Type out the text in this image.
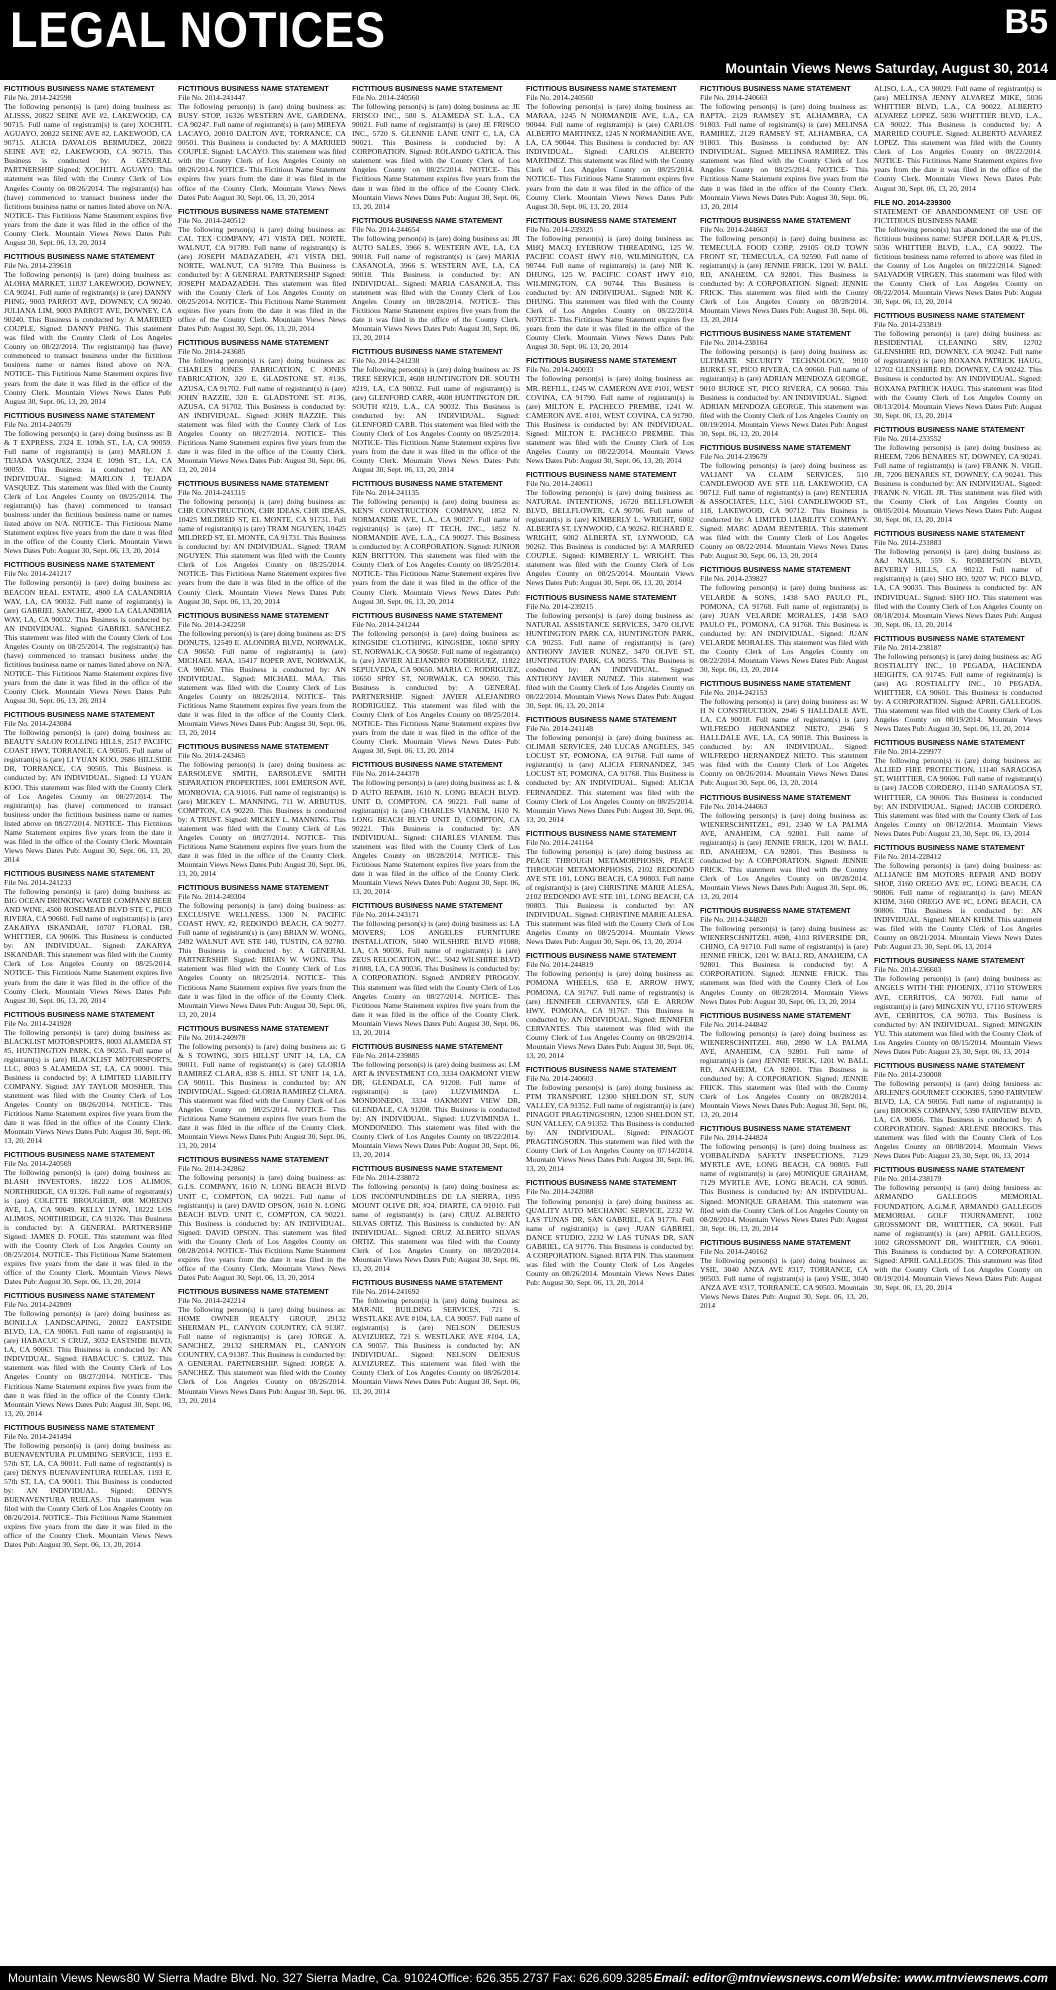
LEGAL NOTICES	B5
Mountain Views News Saturday, August 30, 2014
FICTITIOUS BUSINESS NAME STATEMENT
File No. 2014-242598
The following person(s) is (are) doing business as: ALISSS, 20822 SEINE AVE #2, LAKEWOOD, CA 90715. Full name of registrant(s) is (are) XOCHITL AGUAYO, 20822 SEINE AVE #2, LAKEWOOD, CA 90715. ALICIA DAVALOS BERMUDEZ, 20822 SEINE AVE #2, LAKEWOOD, CA 90715. This Business is conducted by: A GENERAL PARTNERSHIP Signed: XOCHITL AGUAYO. This statement was filed with the County Clerk of Los Angeles County on 08/26/2014. The registrant(s) has (have) commenced to transact business under the fictitious business name or names listed above on N/A. NOTICE- This Fictitious Name Statement expires five years from the date it was filed in the office of the County Clerk. Mountain Views News Dates Pub: August 30, Sept. 06, 13, 20, 2014
FICTITIOUS BUSINESS NAME STATEMENT
File No. 2014-239618
The following person(s) is (are) doing business as: ALOHA MARKET, 11837 LAKEWOOD, DOWNEY, CA 90241. Full name of registrant(s) is (are) DANNY PHNG, 9003 PARROT AVE, DOWNEY, CA 90240. JULIANA LIM, 9003 PARROT AVE, DOWNEY, CA 90240. This Business is conducted by: A MARRIED COUPLE. Signed: DANNY PHNG. This statement was filed with the County Clerk of Los Angeles County on 08/22/2014. The registrant(s) has (have) commenced to transact business under the fictitious business name or names listed above on N/A. NOTICE- This Fictitious Name Statement expires five years from the date it was filed in the office of the County Clerk. Mountain Views News Dates Pub: August 30, Sept. 06, 13, 20, 2014
FICTITIOUS BUSINESS NAME STATEMENT
File No. 2014-240579
The following person(s) is (are) doing business as: B & T EXPRESS, 2324 E. 109th ST., LA, CA 90059. Full name of registrant(s) is (are) MARLON J. TEJADA VASQUEZ, 2324 E. 109th ST., LA, CA 90059. This Business is conducted by: AN INDIVIDUAL. Signed: MARLON J. TEJADA VASQUEZ. This statement was filed with the County Clerk of Los Angeles County on 08/25/2014. The registrant(s) has (have) commenced to transact business under the fictitious business name or names listed above on N/A. NOTICE- This Fictitious Name Statement expires five years from the date it was filed in the office of the County Clerk. Mountain Views News Dates Pub: August 30, Sept. 06, 13, 20, 2014
FICTITIOUS BUSINESS NAME STATEMENT
File No. 2014-241217
The following person(s) is (are) doing business as: BEACON REAL ESTATE, 4900 LA CALANDRIA WAY, LA, CA 90032. Full name of registrant(s) is (are) GABRIEL SANCHEZ, 4900 LA CALANDRIA WAY, LA, CA 90032. This Business is conducted by: AN INDIVIDUAL. Signed: GABRIEL SANCHEZ. This statement was filed with the County Clerk of Los Angeles County on 08/25/2014. The registrant(s) has (have) commenced to transact business under the fictitious business name or names listed above on N/A. NOTICE- This Fictitious Name Statement expires five years from the date it was filed in the office of the County Clerk. Mountain Views News Dates Pub: August 30, Sept. 06, 13, 20, 2014
FICTITIOUS BUSINESS NAME STATEMENT
File No. 2014-243084
The following person(s) is (are) doing business as: BEAUTY SALON ROLLING HILLS, 2517 PACIFIC COAST HWY, TORRANCE, CA 90505. Full name of registrant(s) is (are) LI YUAN KOO, 2686 HILLSIDE DR, TORRANCE, CA 90505. This Business is conducted by: AN INDIVIDUAL. Signed: LI YUAN KOO. This statement was filed with the County Clerk of Los Angeles County on 08/27/2014. The registrant(s) has (have) commenced to transact business under the fictitious business name or names listed above on 08/27/2014. NOTICE- This Fictitious Name Statement expires five years from the date it was filed in the office of the County Clerk. Mountain Views News Dates Pub: August 30, Sept. 06, 13, 20, 2014
FICTITIOUS BUSINESS NAME STATEMENT
File No. 2014-241233
The following person(s) is (are) doing business as: BIG OCEAN DRINKING WATER COMPANY BEER AND WINE, 4500 ROSEMEAD BLVD STE C, PICO RIVERA, CA 90660. Full name of registrant(s) is (are) ZAKARYA ISKANDAR, 10707 FLORAL DR, WHITTIER, CA 90606. This Business is conducted by: AN INDIVIDUAL. Signed: ZAKARYA ISKANDAR. This statement was filed with the County Clerk of Los Angeles County on 08/25/2014. NOTICE- This Fictitious Name Statement expires five years from the date it was filed in the office of the County Clerk. Mountain Views News Dates Pub: August 30, Sept. 06, 13, 20, 2014
FICTITIOUS BUSINESS NAME STATEMENT
File No. 2014-241928
The following person(s) is (are) doing business as: BLACKLIST MOTORSPORTS, 8003 ALAMEDA ST #5, HUNTINGTON PARK, CA 90255. Full name of registrant(s) is (are) BLACKLIST MOTORSPORTS, LLC, 8003 S ALAMEDA ST, LA, CA 90001. This Business is conducted by: A LIMITED LIABILITY COMPANY. Signed: JAY TAYLOR MOSHER. This statement was filed with the County Clerk of Los Angeles County on 08/26/2014. NOTICE- This Fictitious Name Statement expires five years from the date it was filed in the office of the County Clerk. Mountain Views News Dates Pub: August 30, Sept. 06, 13, 20, 2014
FICTITIOUS BUSINESS NAME STATEMENT
File No. 2014-240569
The following person(s) is (are) doing business as: BLASH INVESTORS, 18222 LOS ALIMOS, NORTHRIDGE, CA 91326. Full name of registrant(s) is (are) COLETTE BROUGHER, 808 MORENO AVE, LA, CA 90049. KELLY LYNN, 18222 LOS ALIMOS, NORTHRIDGE, CA 91326. This Business is conducted by: A GENERAL PARTNERSHIP Signed: JAMES D. FOGE. This statement was filed with the County Clerk of Los Angeles County on 08/25/2014. NOTICE- This Fictitious Name Statement expires five years from the date it was filed in the office of the County Clerk. Mountain Views News Dates Pub: August 30, Sept. 06, 13, 20, 2014
FICTITIOUS BUSINESS NAME STATEMENT
File No. 2014-242809
The following person(s) is (are) doing business as: BONILLA LANDSCAPING, 20022 EASTSIDE BLVD, LA, CA 90063. Full name of registrant(s) is (are) HABACUC S CRUZ, 3032 EASTSIDE BLVD, LA, CA 90063. This Business is conducted by: AN INDIVIDUAL. Signed: HABACUC S. CRUZ. This statement was filed with the County Clerk of Los Angeles County on 08/27/2014. NOTICE- This Fictitious Name Statement expires five years from the date it was filed in the office of the County Clerk. Mountain Views News Dates Pub: August 30, Sept. 06, 13, 20, 2014
FICTITIOUS BUSINESS NAME STATEMENT
File No. 2014-241494
The following person(s) is (are) doing business as: BUENAVENTURA PLUMBING SERVICE, 1193 E. 57th ST, LA, CA 90011. Full name of registrant(s) is (are) DENYS BUENAVENTURA RUELAS, 1193 E. 57th ST, LA, CA 90011. This Business is conducted by: AN INDIVIDUAL. Signed: DENYS BUENAVENTURA RUELAS. This statement was filed with the County Clerk of Los Angeles County on 08/26/2014. NOTICE- This Fictitious Name Statement expires five years from the date it was filed in the office of the County Clerk. Mountain Views News Dates Pub: August 30, Sept. 06, 13, 20, 2014
FICTITIOUS BUSINESS NAME STATEMENT
File No. 2014-241447
The following person(s) is (are) doing business as: BUSY STOP, 16326 WESTERN AVE, GARDENA, CA 90247. Full name of registrant(s) is (are) MIREYA LACAYO, 20010 DALTON AVE, TORRANCE, CA 90501. This Business is conducted by: A MARRIED COUPLE. Signed: LACAYO. This statement was filed with the County Clerk of Los Angeles County on 08/26/2014. NOTICE- This Fictitious Name Statement expires five years from the date it was filed in the office of the County Clerk. Mountain Views News Dates Pub: August 30, Sept. 06, 13, 20, 2014
FICTITIOUS BUSINESS NAME STATEMENT
File No. 2014-240512
The following person(s) is (are) doing business as: CAL TEX COMPANY, 471 VISTA DEL NORTE, WALNUT, CA 91789. Full name of registrant(s) is (are) JOSEPH MADAZADEH, 471 VISTA DEL NORTE, WALNUT, CA 91789. This Business is conducted by: A GENERAL PARTNERSHIP Signed: JOSEPH MADAZADEH. This statement was filed with the County Clerk of Los Angeles County on 08/25/2014. NOTICE- This Fictitious Name Statement expires five years from the date it was filed in the office of the County Clerk. Mountain Views News Dates Pub: August 30, Sept. 06, 13, 20, 2014
FICTITIOUS BUSINESS NAME STATEMENT
File No. 2014-243685
The following person(s) is (are) doing business as: CHARLES JONES FABRICATION, C JONES FABRICATION, 320 E. GLADSTONE ST. #136, AZUSA, CA 91702. Full name of registrant(s) is (are) JOHN RAZZIE, 320 E. GLADSTONE ST. #136, AZUSA, CA 91702. This Business is conducted by: AN INDIVIDUAL. Signed: JOHN RAZZIE. This statement was filed with the County Clerk of Los Angeles County on 08/27/2014. NOTICE- This Fictitious Name Statement expires five years from the date it was filed in the office of the County Clerk. Mountain Views News Dates Pub: August 30, Sept. 06, 13, 20, 2014
FICTITIOUS BUSINESS NAME STATEMENT
File No. 2014-241315
The following person(s) is (are) doing business as: CHR CONSTRUCTION, CHR IDEAS, CHR IDEAS, 10425 MILDRED ST, EL MONTE, CA 91731. Full name of registrant(s) is (are) TRAM NGUYEN, 10425 MILDRED ST, EL MONTE, CA 91731. This Business is conducted by: AN INDIVIDUAL. Signed: TRAM NGUYEN. This statement was filed with the County Clerk of Los Angeles County on 08/25/2014. NOTICE- This Fictitious Name Statement expires five years from the date it was filed in the office of the County Clerk. Mountain Views News Dates Pub: August 30, Sept. 06, 13, 20, 2014
FICTITIOUS BUSINESS NAME STATEMENT
File No. 2014-242258
The following person(s) is (are) doing business as: D'S DONUTS, 12549 E. ALONDRA BLVD, NORWALK, CA 90650. Full name of registrant(s) is (are) MICHAEL MAA, 15417 ROPER AVE, NORWALK, CA 90650. This Business is conducted by: AN INDIVIDUAL. Signed: MICHAEL MAA. This statement was filed with the County Clerk of Los Angeles County on 08/26/2014. NOTICE- This Fictitious Name Statement expires five years from the date it was filed in the office of the County Clerk. Mountain Views News Dates Pub: August 30, Sept. 06, 13, 20, 2014
FICTITIOUS BUSINESS NAME STATEMENT
File No. 2014-243465
The following person(s) is (are) doing business as: EARSOLEVE SMITH, EARSOLEVE SMITH SEPARATION PROPERTIES, 1001 EMERSON AVE, MONROVIA, CA 91016. Full name of registrant(s) is (are) MICKEY L. MANNING, 711 W. ARBUTUS, COMPTON, CA 90220. This Business is conducted by: A TRUST. Signed: MICKEY L. MANNING. This statement was filed with the County Clerk of Los Angeles County on 08/27/2014. NOTICE- This Fictitious Name Statement expires five years from the date it was filed in the office of the County Clerk. Mountain Views News Dates Pub: August 30, Sept. 06, 13, 20, 2014
FICTITIOUS BUSINESS NAME STATEMENT
File No. 2014-240304
The following person(s) is (are) doing business as: EXCLUSIVE WELLNESS, 1300 N. PACIFIC COAST HWY, #2, REDONDO BEACH, CA 90277. Full name of registrant(s) is (are) BRIAN W. WONG, 2492 WALNUT AVE STE 140, TUSTIN, CA 92780. This Business is conducted by: A GENERAL PARTNERSHIP. Signed: BRIAN W. WONG. This statement was filed with the County Clerk of Los Angeles County on 08/25/2014. NOTICE- This Fictitious Name Statement expires five years from the date it was filed in the office of the County Clerk. Mountain Views News Dates Pub: August 30, Sept. 06, 13, 20, 2014
FICTITIOUS BUSINESS NAME STATEMENT
File No. 2014-240978
The following person(s) is (are) doing business as: G & S TOWING, 3015 HILLST UNIT 14, LA, CA 90011. Full name of registrant(s) is (are) GLORIA RAMIREZ CLARA, 838 S. HILL ST UNIT 14, LA, CA 90011. This Business is conducted by: AN INDIVIDUAL. Signed: GLORIA RAMIREZ CLARA. This statement was filed with the County Clerk of Los Angeles County on 08/25/2014. NOTICE- This Fictitious Name Statement expires five years from the date it was filed in the office of the County Clerk. Mountain Views News Dates Pub: August 30, Sept. 06, 13, 20, 2014
FICTITIOUS BUSINESS NAME STATEMENT
File No. 2014-242862
The following person(s) is (are) doing business as: G.I.S. COMPANY, 1610 N. LONG BEACH BLVD UNIT C, COMPTON, CA 90221. Full name of registrant(s) is (are) DAVID OPSON, 1610 N. LONG BEACH BLVD. UNIT C, COMPTON, CA 90221. This Business is conducted by: AN INDIVIDUAL. Signed: DAVID OPSON. This statement was filed with the County Clerk of Los Angeles County on 08/28/2014. NOTICE- This Fictitious Name Statement expires five years from the date it was filed in the office of the County Clerk. Mountain Views News Dates Pub: August 30, Sept. 06, 13, 20, 2014
FICTITIOUS BUSINESS NAME STATEMENT
File No. 2014-242214
The following person(s) is (are) doing business as: HOME OWNER REALTY GROUP, 29132 SHERMAN PL, CANYON COUNTRY, CA 91387. Full name of registrant(s) is (are) JORGE A. SANCHEZ, 29132 SHERMAN PL, CANYON COUNTRY, CA 91387. This Business is conducted by: A GENERAL PARTNERSHIP. Signed: JORGE A. SANCHEZ. This statement was filed with the County Clerk of Los Angeles County on 08/26/2014. Mountain Views News Dates Pub: August 30, Sept. 06, 13, 20, 2014
FICTITIOUS BUSINESS NAME STATEMENT
File No. 2014-240560
The following person(s) is (are) doing business as: JE FRISCO INC., 580 S. ALAMEDA ST. L.A., CA 90021. Full name of registrant(s) is (are) JE FRISCO INC., 5720 S. GLENNIE LANE UNIT C, LA, CA 90021. This Business is conducted by: A CORPORATION. Signed: ROLANDO GATICA. This statement was filed with the County Clerk of Los Angeles County on 08/25/2014. NOTICE- This Fictitious Name Statement expires five years from the date it was filed in the office of the County Clerk. Mountain Views News Dates Pub: August 30, Sept. 06, 13, 20, 2014
FICTITIOUS BUSINESS NAME STATEMENT
File No. 2014-244654
The following person(s) is (are) doing business as: JR AUTO SALES, 3966 S. WESTERN AVE, LA, CA 90018. Full name of registrant(s) is (are) MARIA CASANOLA, 3966 S. WESTERN AVE, LA, CA 90018. This Business is conducted by: AN INDIVIDUAL. Signed: MARIA CASANOLA. This statement was filed with the County Clerk of Los Angeles County on 08/28/2014. NOTICE- This Fictitious Name Statement expires five years from the date it was filed in the office of the County Clerk. Mountain Views News Dates Pub: August 30, Sept. 06, 13, 20, 2014
FICTITIOUS BUSINESS NAME STATEMENT
File No. 2014-241238
The following person(s) is (are) doing business as: JS TREE SERVICE, 4608 HUNTINGTON DR. SOUTH #219, LA, CA 90032. Full name of registrant(s) is (are) GLENFORD CARR, 4608 HUNTINGTON DR. SOUTH #219, L.A., CA 90032. This Business is conducted by: AN INDIVIDUAL. Signed: GLENFORD CARR. This statement was filed with the County Clerk of Los Angeles County on 08/25/2014. NOTICE- This Fictitious Name Statement expires five years from the date it was filed in the office of the County Clerk. Mountain Views News Dates Pub: August 30, Sept. 06, 13, 20, 2014
FICTITIOUS BUSINESS NAME STATEMENT
File No. 2014-241135
The following person(s) is (are) doing business as: KEN'S CONSTRUCTION COMPANY, 1852 N. NORMANDIE AVE, L.A., CA 90027. Full name of registrant(s) is (are) IT TECH, INC., 1852 N. NORMANDIE AVE, L.A., CA 90027. This Business is conducted by: A CORPORATION. Signed: JUNIOR KEN BRITTON. This statement was filed with the County Clerk of Los Angeles County on 08/25/2014. NOTICE- This Fictitious Name Statement expires five years from the date it was filed in the office of the County Clerk. Mountain Views News Dates Pub: August 30, Sept. 06, 13, 20, 2014
FICTITIOUS BUSINESS NAME STATEMENT
File No. 2014-241244
The following person(s) is (are) doing business as: KINGSIDE CLOTHING, KINGSIDE, 10650 SPRY ST, NORWALK, CA 90650. Full name of registrant(s) is (are) JAVIER ALEJANDRO RODRIGUEZ, 11822 SEPULVEDA, CA 90650. MARIA C. RODRIGUEZ, 10650 SPRY ST, NORWALK, CA 90650. This Business is conducted by: A GENERAL PARTNERSHIP. Signed: JAVIER ALEJANDRO RODRIGUEZ. This statement was filed with the County Clerk of Los Angeles County on 08/25/2014. NOTICE- This Fictitious Name Statement expires five years from the date it was filed in the office of the County Clerk. Mountain Views News Dates Pub: August 30, Sept. 06, 13, 20, 2014
FICTITIOUS BUSINESS NAME STATEMENT
File No. 2014-244378
The following person(s) is (are) doing business as: L & D AUTO REPAIR, 1610 N. LONG BEACH BLVD. UNIT D, COMPTON, CA 90221. Full name of registrant(s) is (are) CHARLES VIANEM, 1610 N. LONG BEACH BLVD UNIT D, COMPTON, CA 90221. This Business is conducted by: AN INDIVIDUAL. Signed: CHARLES VIANEM. This statement was filed with the County Clerk of Los Angeles County on 08/28/2014. NOTICE- This Fictitious Name Statement expires five years from the date it was filed in the office of the County Clerk. Mountain Views News Dates Pub: August 30, Sept. 06, 13, 20, 2014
FICTITIOUS BUSINESS NAME STATEMENT
File No. 2014-243171
The following person(s) is (are) doing business as: LA MOVERS; LOS ANGELES FURNITURE INSTALLATION, 5040 WILSHIRE BLVD #1088, LA, CA 90036. Full name of registrant(s) is (are) ZEUS RELOCATION, INC., 5042 WILSHIRE BLVD #1088, LA, CA 90036. This Business is conducted by: A CORPORATION. Signed: ANDREY PIROGOV. This statement was filed with the County Clerk of Los Angeles County on 08/27/2014. NOTICE- This Fictitious Name Statement expires five years from the date it was filed in the office of the County Clerk. Mountain Views News Dates Pub: August 30, Sept. 06, 13, 20, 2014
FICTITIOUS BUSINESS NAME STATEMENT
File No. 2014-239885
The following person(s) is (are) doing business as: LM ART & INVESTMENT CO, 3334 OAKMONT VIEW DR, GLENDALE, CA 91208. Full name of registrant(s) is (are) LUZVIMINDA L. MONDONEDO, 3334 OAKMONT VIEW DR, GLENDALE, CA 91208. This Business is conducted by: AN INDIVIDUAL. Signed: LUZVIMINDA L. MONDONEDO. This statement was filed with the County Clerk of Los Angeles County on 08/22/2014. Mountain Views News Dates Pub: August 30, Sept. 06, 13, 20, 2014
FICTITIOUS BUSINESS NAME STATEMENT
File No. 2014-238872
The following person(s) is (are) doing business as: LOS INCONFUNDIBLES DE LA SIERRA, 1095 MOUNT OLIVE DR. #24, DIARTE, CA 91010. Full name of registrant(s) is (are) CRUZ ALBERTO SILVAS ORTIZ. This Business is conducted by: AN INDIVIDUAL. Signed: CRUZ ALBERTO SILVAS ORTIZ. This statement was filed with the County Clerk of Los Angeles County on 08/20/2014. Mountain Views News Dates Pub: August 30, Sept. 06, 13, 20, 2014
FICTITIOUS BUSINESS NAME STATEMENT
File No. 2014-241692
The following person(s) is (are) doing business as: MAR-NIL BUILDING SERVICES, 721 S. WESTLAKE AVE #104, LA, CA 90057. Full name of registrant(s) is (are) NELSON DEJESUS ALVIZUREZ, 721 S. WESTLAKE AVE #104, LA, CA 90057. This Business is conducted by: AN INDIVIDUAL. Signed: NELSON DEJESUS ALVIZUREZ. This statement was filed with the County Clerk of Los Angeles County on 08/26/2014. Mountain Views News Dates Pub: August 30, Sept. 06, 13, 20, 2014
FICTITIOUS BUSINESS NAME STATEMENT
File No. 2014-240560
The following person(s) is (are) doing business as: MARAA, 1245 N NORMANDIE AVE, L.A., CA 90044. Full name of registrant(s) is (are) CARLOS ALBERTO MARTINEZ, 1245 N NORMANDIE AVE, LA, CA 90044. This Business is conducted by: AN INDIVIDUAL. Signed: CARLOS ALBERTO MARTINEZ. This statement was filed with the County Clerk of Los Angeles County on 08/25/2014. NOTICE- This Fictitious Name Statement expires five years from the date it was filed in the office of the County Clerk. Mountain Views News Dates Pub: August 30, Sept. 06, 13, 20, 2014
FICTITIOUS BUSINESS NAME STATEMENT
File No. 2014-239325
The following person(s) is (are) doing business as: MHQ MACQ EYEBROW THREADING, 125 W. PACIFIC COAST HWY #10, WILMINGTON, CA 90744. Full name of registrant(s) is (are) NIR K. DHUNG, 125 W. PACIFIC COAST HWY #10, WILMINGTON, CA 90744. This Business is conducted by: AN INDIVIDUAL. Signed: NIR K. DHUNG. This statement was filed with the County Clerk of Los Angeles County on 08/22/2014. NOTICE- This Fictitious Name Statement expires five years from the date it was filed in the office of the County Clerk. Mountain Views News Dates Pub: August 30, Sept. 06, 13, 20, 2014
FICTITIOUS BUSINESS NAME STATEMENT
File No. 2014-240033
The following person(s) is (are) doing business as: MR. REFILL, 1245 W. CAMERON AVE #101, WEST COVINA, CA 91790. Full name of registrant(s) is (are) MILTON E. PACHECO PREMBE, 1241 W. CAMERON AVE. #101, WEST COVINA, CA 91790. This Business is conducted by: AN INDIVIDUAL. Signed: MILTON E. PACHECO PREMBE. This statement was filed with the County Clerk of Los Angeles County on 08/22/2014. Mountain Views News Dates Pub: August 30, Sept. 06, 13, 20, 2014
FICTITIOUS BUSINESS NAME STATEMENT
File No. 2014-240611
The following person(s) is (are) doing business as: NATURAL INTENTIONS, 16720 BELLFLOWER BLVD, BELLFLOWER, CA 90706. Full name of registrant(s) is (are) KIMBERLY L. WRIGHT, 6002 ALBERTA ST, LYNWOOD, CA 90262. RICHARD E. WRIGHT, 6002 ALBERTA ST, LYNWOOD, CA 90262. This Business is conducted by: A MARRIED COUPLE. Signed: KIMBERLY L. WRIGHT. This statement was filed with the County Clerk of Los Angeles County on 08/25/2014. Mountain Views News Dates Pub: August 30, Sept. 06, 13, 20, 2014
FICTITIOUS BUSINESS NAME STATEMENT
File No. 2014-239215
The following person(s) is (are) doing business as: NATURAL ASSISTANCE SERVICES, 3470 OLIVE HUNTINGTON PARK CA, HUNTINGTON PARK, CA 90255. Full name of registrant(s) is (are) ANTHONY JAVIER NUNEZ, 3470 OLIVE ST, HUNTINGTON PARK, CA 90255. This Business is conducted by: AN INDIVIDUAL. Signed: ANTHONY JAVIER NUNEZ. This statement was filed with the County Clerk of Los Angeles County on 08/22/2014. Mountain Views News Dates Pub: August 30, Sept. 06, 13, 20, 2014
FICTITIOUS BUSINESS NAME STATEMENT
File No. 2014-241148
The following person(s) is (are) doing business as: OLIMAR SERVICES, 240 LUCAS ANGELES, 345 LOCUST ST, POMONA, CA 91768. Full name of registrant(s) is (are) ALICIA FERNANDEZ, 345 LOCUST ST, POMONA, CA 91768. This Business is conducted by: AN INDIVIDUAL. Signed: ALICIA FERNANDEZ. This statement was filed with the County Clerk of Los Angeles County on 08/25/2014. Mountain Views News Dates Pub: August 30, Sept. 06, 13, 20, 2014
FICTITIOUS BUSINESS NAME STATEMENT
File No. 2014-241164
The following person(s) is (are) doing business as: PEACE THROUGH METAMORPHOSIS, PEACE THROUGH METAMORPHOSIS, 2102 REDONDO AVE STE 101, LONG BEACH, CA 90803. Full name of registrant(s) is (are) CHRISTINE MARIE ALESA, 2102 REDONDO AVE STE 101, LONG BEACH, CA 90803. This Business is conducted by: AN INDIVIDUAL. Signed: CHRISTINE MARIE ALESA. This statement was filed with the County Clerk of Los Angeles County on 08/25/2014. Mountain Views News Dates Pub: August 30, Sept. 06, 13, 20, 2014
FICTITIOUS BUSINESS NAME STATEMENT
File No. 2014-244819
The following person(s) is (are) doing business as: POMONA WHEELS, 658 E. ARROW HWY, POMONA, CA 91767. Full name of registrant(s) is (are) JENNIFER CERVANTES, 658 E. ARROW HWY, POMONA, CA 91767. This Business is conducted by: AN INDIVIDUAL. Signed: JENNIFER CERVANTES. This statement was filed with the County Clerk of Los Angeles County on 08/29/2014. Mountain Views News Dates Pub: August 30, Sept. 06, 13, 20, 2014
FICTITIOUS BUSINESS NAME STATEMENT
File No. 2014-240603
The following person(s) is (are) doing business as: PTM TRANSPORT, 12300 SHELDON ST, SUN VALLEY, CA 91352. Full name of registrant(s) is (are) PINAGOT PRAGTINGSORN, 12300 SHELDON ST, SUN VALLEY, CA 91352. This Business is conducted by: AN INDIVIDUAL. Signed: PINAGOT PRAGTINGSORN. This statement was filed with the County Clerk of Los Angeles County on 07/14/2014. Mountain Views News Dates Pub: August 30, Sept. 06, 13, 20, 2014
FICTITIOUS BUSINESS NAME STATEMENT
File No. 2014-242088
The following person(s) is (are) doing business as: QUALITY AUTO MECHANIC SERVICE, 2232 W. LAS TUNAS DR, SAN GABRIEL, CA 91776. Full name of registrant(s) is (are) JUAN GABRIEL DANCE STUDIO, 2232 W LAS TUNAS DR, SAN GABRIEL, CA 91776. This Business is conducted by: A CORPORATION. Signed: RITA PIN. This statement was filed with the County Clerk of Los Angeles County on 08/26/2014. Mountain Views News Dates Pub: August 30, Sept. 06, 13, 20, 2014
FICTITIOUS BUSINESS NAME STATEMENT
File No. 2014-240663
The following person(s) is (are) doing business as: RAPTA, 2129 RAMSEY ST, ALHAMBRA, CA 91803. Full name of registrant(s) is (are) MELINSA RAMIREZ, 2129 RAMSEY ST, ALHAMBRA, CA 91803. This Business is conducted by: AN INDIVIDUAL. Signed: MELINSA RAMIREZ. This statement was filed with the County Clerk of Los Angeles County on 08/25/2014. NOTICE- This Fictitious Name Statement expires five years from the date it was filed in the office of the County Clerk. Mountain Views News Dates Pub: August 30, Sept. 06, 13, 20, 2014
FICTITIOUS BUSINESS NAME STATEMENT
File No. 2014-244663
The following person(s) is (are) doing business as: TEMECULA FOOD CORP, 29105 OLD TOWN FRONT ST, TEMECULA, CA 92590. Full name of registrant(s) is (are) JENNIE FRICK, 1201 W. BALL RD, ANAHEIM, CA 92801. This Business is conducted by: A CORPORATION. Signed: JENNIE FRICK. This statement was filed with the County Clerk of Los Angeles County on 08/28/2014. Mountain Views News Dates Pub: August 30, Sept. 06, 13, 20, 2014
FICTITIOUS BUSINESS NAME STATEMENT
File No. 2014-238164
The following person(s) is (are) doing business as: ULTIMATE SECURITY TECHNOLOGY, 9010 BURKE ST, PICO RIVERA, CA 90660. Full name of registrant(s) is (are) ADRIAN MENDOZA GEORGE, 9010 BURKE ST, PICO RIVERA, CA 90660. This Business is conducted by: AN INDIVIDUAL. Signed: ADRIAN MENDOZA GEORGE. This statement was filed with the County Clerk of Los Angeles County on 08/19/2014. Mountain Views News Dates Pub: August 30, Sept. 06, 13, 20, 2014
FICTITIOUS BUSINESS NAME STATEMENT
File No. 2014-239679
The following person(s) is (are) doing business as: VALIANT VA CLAIM SERVICES, 510 CANDLEWOOD AVE STE 118, LAKEWOOD, CA 90712. Full name of registrant(s) is (are) RENTERIA & ASSOCIATES, LLC, 5161 CANDLEWOOD ST., 118, LAKEWOOD, CA 90712. This Business is conducted by: A LIMITED LIABILITY COMPANY. Signed: MARC ADAM RENTERIA. This statement was filed with the County Clerk of Los Angeles County on 08/22/2014. Mountain Views News Dates Pub: August 30, Sept. 06, 13, 20, 2014
FICTITIOUS BUSINESS NAME STATEMENT
File No. 2014-239827
The following person(s) is (are) doing business as: VELARDE & SONS, 1438 SAO PAULO PL, POMONA, CA 91768. Full name of registrant(s) is (are) JUAN VELARDE MORALES, 1438 SAO PAULO PL, POMONA, CA 91768. This Business is conducted by: AN INDIVIDUAL. Signed: JUAN VELARDE MORALES. This statement was filed with the County Clerk of Los Angeles County on 08/22/2014. Mountain Views News Dates Pub: August 30, Sept. 06, 13, 20, 2014
FICTITIOUS BUSINESS NAME STATEMENT
File No. 2014-242153
The following person(s) is (are) doing business as: W H N CONSTRUCTION, 2946 S HALLDALE AVE, LA, CA 90018. Full name of registrant(s) is (are) WILFREDO HERNANDEZ NIETO, 2946 S HALLDALE AVE, LA, CA 90018. This Business is conducted by: AN INDIVIDUAL. Signed: WILFREDO HERNANDEZ NIETO. This statement was filed with the County Clerk of Los Angeles County on 08/26/2014. Mountain Views News Dates Pub: August 30, Sept. 06, 13, 20, 2014
FICTITIOUS BUSINESS NAME STATEMENT
File No. 2014-244663
The following person(s) is (are) doing business as: WIENERSCHNITZEL, #91, 2340 W LA PALMA AVE, ANAHEIM, CA 92801. Full name of registrant(s) is (are) JENNIE FRICK, 1201 W. BALL RD, ANAHEIM, CA 92801. This Business is conducted by: A CORPORATION. Signed: JENNIE FRICK. This statement was filed with the County Clerk of Los Angeles County on 08/28/2014. Mountain Views News Dates Pub: August 30, Sept. 06, 13, 20, 2014
FICTITIOUS BUSINESS NAME STATEMENT
File No. 2014-244820
The following person(s) is (are) doing business as: WIENERSCHNITZEL #698, 4103 RIVERSIDE DR, CHINO, CA 91710. Full name of registrant(s) is (are) JENNIE FRICK, 1201 W. BALL RD, ANAHEIM, CA 92801. This Business is conducted by: A CORPORATION. Signed: JENNIE FRICK. This statement was filed with the County Clerk of Los Angeles County on 08/28/2014. Mountain Views News Dates Pub: August 30, Sept. 06, 13, 20, 2014
FICTITIOUS BUSINESS NAME STATEMENT
File No. 2014-244842
The following person(s) is (are) doing business as: WIENERSCHNITZEL #60, 2890 W LA PALMA AVE, ANAHEIM, CA 92801. Full name of registrant(s) is (are) JENNIE FRICK, 1201 W. BALL RD, ANAHEIM, CA 92801. This Business is conducted by: A CORPORATION. Signed: JENNIE FRICK. This statement was filed with the County Clerk of Los Angeles County on 08/28/2014. Mountain Views News Dates Pub: August 30, Sept. 06, 13, 20, 2014
FICTITIOUS BUSINESS NAME STATEMENT
File No. 2014-244824
The following person(s) is (are) doing business as: YORBALINDA SAFETY INSPECTIONS, 7129 MYRTLE AVE, LONG BEACH, CA 90805. Full name of registrant(s) is (are) MONIQUE GRAHAM, 7129 MYRTLE AVE, LONG BEACH, CA 90805. This Business is conducted by: AN INDIVIDUAL. Signed: MONIQUE GRAHAM. This statement was filed with the County Clerk of Los Angeles County on 08/28/2014. Mountain Views News Dates Pub: August 30, Sept. 06, 13, 20, 2014
FICTITIOUS BUSINESS NAME STATEMENT
File No. 2014-240162
The following person(s) is (are) doing business as: YSIE, 3040 ANZA AVE #317, TORRANCE, CA 90503. Full name of registrant(s) is (are) YSIE, 3040 ANZA AVE #317, TORRANCE, CA 90503. Mountain Views News Dates Pub: August 30, Sept. 06, 13, 20, 2014
ALISO, L.A., CA 90029. Full name of registrant(s) is (are) MELINSA JENNY ALVAREZ MIKE, 5036 WHITTIER BLVD, L.A., CA 90022. ALBERTO ALVAREZ LOPEZ, 5036 WHITTIER BLVD, L.A., CA 90022. This Business is conducted by: A MARRIED COUPLE. Signed: ALBERTO ALVAREZ LOPEZ. This statement was filed with the County Clerk of Los Angeles County on 08/22/2014. NOTICE- This Fictitious Name Statement expires five years from the date it was filed in the office of the County Clerk. Mountain Views News Dates Pub: August 30, Sept. 06, 13, 20, 2014
FILE NO. 2014-239300
STATEMENT OF ABANDONMENT OF USE OF FICTITIOUS BUSINESS NAME
The following person(s) has abandoned the use of the fictitious business name: SUPER DOLLAR & PLUS, 5036 WHITTIER BLVD, L.A., CA 90022. The fictitious business name referred to above was filed in the County of Los Angeles on 08/22/2014. Signed: SALVADOR VIRGEN. This statement was filed with the County Clerk of Los Angeles County on 08/22/2014. Mountain Views News Dates Pub: August 30, Sept. 06, 13, 20, 2014
FICTITIOUS BUSINESS NAME STATEMENT
File No. 2014-233819
The following person(s) is (are) doing business as: RESIDENTIAL CLEANING SRV, 12702 GLENSHIRE RD, DOWNEY, CA 90242. Full name of registrant(s) is (are) ROXANA PATRICK HAUG, 12702 GLENSHIRE RD, DOWNEY, CA 90242. This Business is conducted by: AN INDIVIDUAL. Signed: ROXANA PATRICK HAUG. This statement was filed with the County Clerk of Los Angeles County on 08/13/2014. Mountain Views News Dates Pub: August 30, Sept. 06, 13, 20, 2014
FICTITIOUS BUSINESS NAME STATEMENT
File No. 2014-233552
The following person(s) is (are) doing business as: RHEEM, 7206 BENARES ST, DOWNEY, CA 90241. Full name of registrant(s) is (are) FRANK N. VIGIL JR, 7206 BENARES ST, DOWNEY, CA 90241. This Business is conducted by: AN INDIVIDUAL. Signed: FRANK N. VIGIL JR. This statement was filed with the County Clerk of Los Angeles County on 08/05/2014. Mountain Views News Dates Pub: August 30, Sept. 06, 13, 20, 2014
FICTITIOUS BUSINESS NAME STATEMENT
File No. 2014-231883
The following person(s) is (are) doing business as: A&J NAILS, 559 S. ROBERTSON BLVD, BEVERLY HILLS, CA 90212. Full name of registrant(s) is (are) SHO HO, 9207 W. PICO BLVD, LA, CA 90035. This Business is conducted by: AN INDIVIDUAL. Signed: SHO HO. This statement was filed with the County Clerk of Los Angeles County on 08/18/2014. Mountain Views News Dates Pub: August 30, Sept. 06, 13, 20, 2014
FICTITIOUS BUSINESS NAME STATEMENT
File No. 2014-238187
The following person(s) is (are) doing business as: AG ROSTIALITY INC., 10 PEGADA, HACIENDA HEIGHTS, CA 91745. Full name of registrant(s) is (are) AG ROSTIALITY INC., 10 PEGADA, WHITTIER, CA 90601. This Business is conducted by: A CORPORATION. Signed: APRIL GALLEGOS. This statement was filed with the County Clerk of Los Angeles County on 08/19/2014. Mountain Views News Dates Pub: August 30, Sept. 06, 13, 20, 2014
FICTITIOUS BUSINESS NAME STATEMENT
File No. 2014-229977
The following person(s) is (are) doing business as: ALLIED FIRE PROTECTION, 11140 SARAGOSA ST, WHITTIER, CA 90606. Full name of registrant(s) is (are) JACOB CORDERO, 11140 SARAGOSA ST, WHITTIER, CA 90606. This Business is conducted by: AN INDIVIDUAL. Signed: JACOB CORDERO. This statement was filed with the County Clerk of Los Angeles County on 08/12/2014. Mountain Views News Dates Pub: August 23, 30, Sept. 06, 13, 2014
FICTITIOUS BUSINESS NAME STATEMENT
File No. 2014-228412
The following person(s) is (are) doing business as: ALLIANCE BM MOTORS REPAIR AND BODY SHOP, 3160 OREGO AVE #C, LONG BEACH, CA 90806. Full name of registrant(s) is (are) MEAN KHIM, 3160 OREGO AVE #C, LONG BEACH, CA 90806. This Business is conducted by: AN INDIVIDUAL. Signed: MEAN KHIM. This statement was filed with the County Clerk of Los Angeles County on 08/21/2014. Mountain Views News Dates Pub: August 23, 30, Sept. 06, 13, 2014
FICTITIOUS BUSINESS NAME STATEMENT
File No. 2014-236603
The following person(s) is (are) doing business as: ANGELS WITH THE PHOENIX, 17110 STOWERS AVE, CERRITOS, CA 90703. Full name of registrant(s) is (are) MINGXIN YU, 17110 STOWERS AVE, CERRITOS, CA 90703. This Business is conducted by: AN INDIVIDUAL. Signed: MINGXIN YU. This statement was filed with the County Clerk of Los Angeles County on 08/15/2014. Mountain Views News Dates Pub: August 23, 30, Sept. 06, 13, 2014
FICTITIOUS BUSINESS NAME STATEMENT
File No. 2014-230008
The following person(s) is (are) doing business as: ARLENE'S GOURMET COOKIES, 5390 FAIRVIEW BLVD, LA, CA 90056. Full name of registrant(s) is (are) BROOKS COMPANY, 5390 FAIRVIEW BLVD, LA, CA 90056. This Business is conducted by: A CORPORATION. Signed: ARLENE BROOKS. This statement was filed with the County Clerk of Los Angeles County on 08/08/2014. Mountain Views News Dates Pub: August 23, 30, Sept. 06, 13, 2014
FICTITIOUS BUSINESS NAME STATEMENT
File No. 2014-238179
The following person(s) is (are) doing business as: ARMANDO GALLEGOS MEMORIAL FOUNDATION, A.G.M.F, ARMANDO GALLEGOS MEMORIAL GOLF TOURNAMENT, 1002 GROSSMONT DR, WHITTIER, CA 90601. Full name of registrant(s) is (are) APRIL GALLEGOS, 1002 GROSSMONT DR, WHITTIER, CA 90601. This Business is conducted by: A CORPORATION. Signed: APRIL GALLEGOS. This statement was filed with the County Clerk of Los Angeles County on 08/19/2014. Mountain Views News Dates Pub: August 30, Sept. 06, 13, 20, 2014
Mountain Views News 80 W Sierra Madre Blvd. No. 327 Sierra Madre, Ca. 91024 Office: 626.355.2737 Fax: 626.609.3285 Email: editor@mtnviewsnews.com Website: www.mtnviewsnews.com
